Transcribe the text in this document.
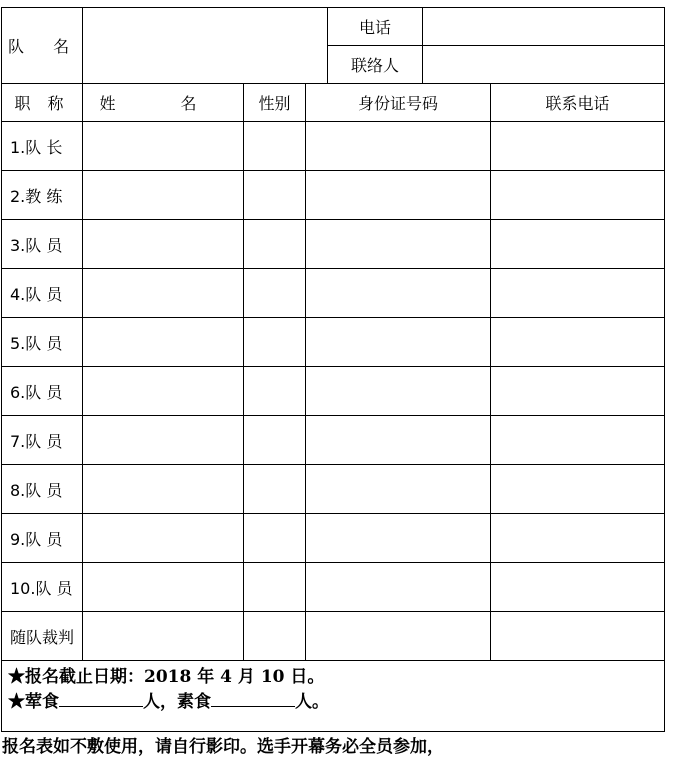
队 名				电话		
				联络人		
职 称	姓 名	性别	身份证号码			联系电话
1.队 长						
2.教 练						
3.队 员						
4.队 员						
5.队 员						
6.队 员						
7.队 员						
8.队 员						
9.队 员						
10.队 员						
随队裁判						

★报名截止日期：2018 年 4 月 10 日。
★荤食 人，素食 人。						
报名表如不敷使用，请自行影印。选手开幕务必全员参加，
